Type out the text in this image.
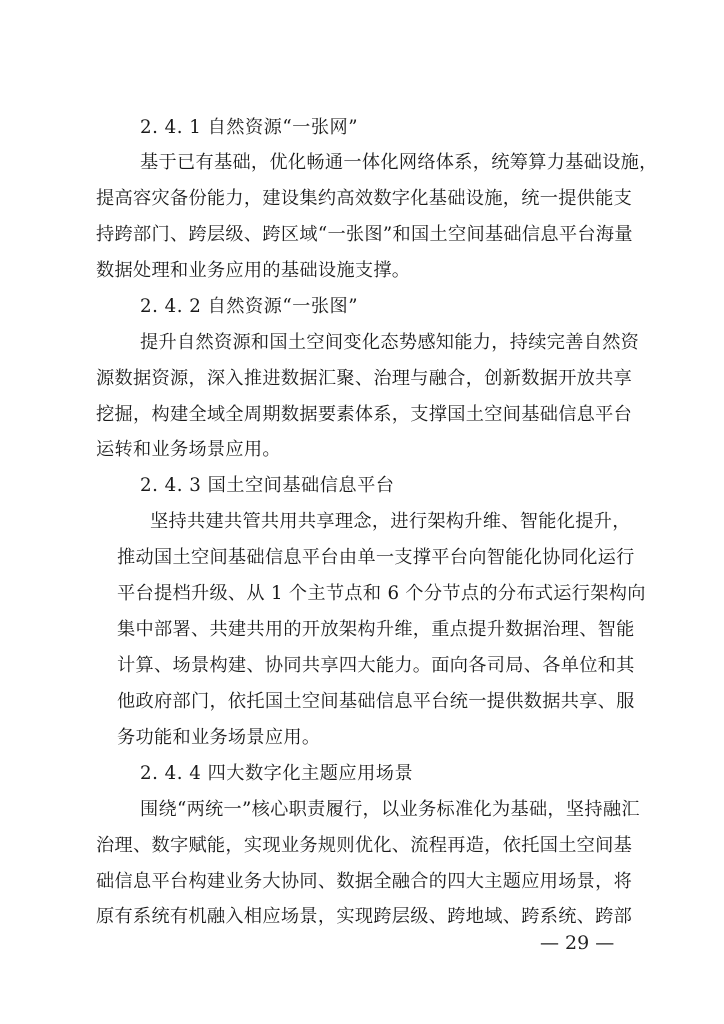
2. 4. 1 自然资源“一张网”
基于已有基础，优化畅通一体化网络体系，统筹算力基础设施，
提高容灾备份能力，建设集约高效数字化基础设施，统一提供能支
持跨部门、跨层级、跨区域“一张图”和国土空间基础信息平台海量
数据处理和业务应用的基础设施支撑。
2. 4. 2 自然资源“一张图”
提升自然资源和国土空间变化态势感知能力，持续完善自然资
源数据资源，深入推进数据汇聚、治理与融合，创新数据开放共享
挖掘，构建全域全周期数据要素体系，支撑国土空间基础信息平台
运转和业务场景应用。
2. 4. 3 国土空间基础信息平台
坚持共建共管共用共享理念，进行架构升维、智能化提升，
推动国土空间基础信息平台由单一支撑平台向智能化协同化运行
平台提档升级、从 1 个主节点和 6 个分节点的分布式运行架构向
集中部署、共建共用的开放架构升维，重点提升数据治理、智能
计算、场景构建、协同共享四大能力。面向各司局、各单位和其
他政府部门，依托国土空间基础信息平台统一提供数据共享、服
务功能和业务场景应用。
2. 4. 4 四大数字化主题应用场景
围绕“两统一”核心职责履行，以业务标准化为基础，坚持融汇
治理、数字赋能，实现业务规则优化、流程再造，依托国土空间基
础信息平台构建业务大协同、数据全融合的四大主题应用场景，将
原有系统有机融入相应场景，实现跨层级、跨地域、跨系统、跨部
— 29 —
